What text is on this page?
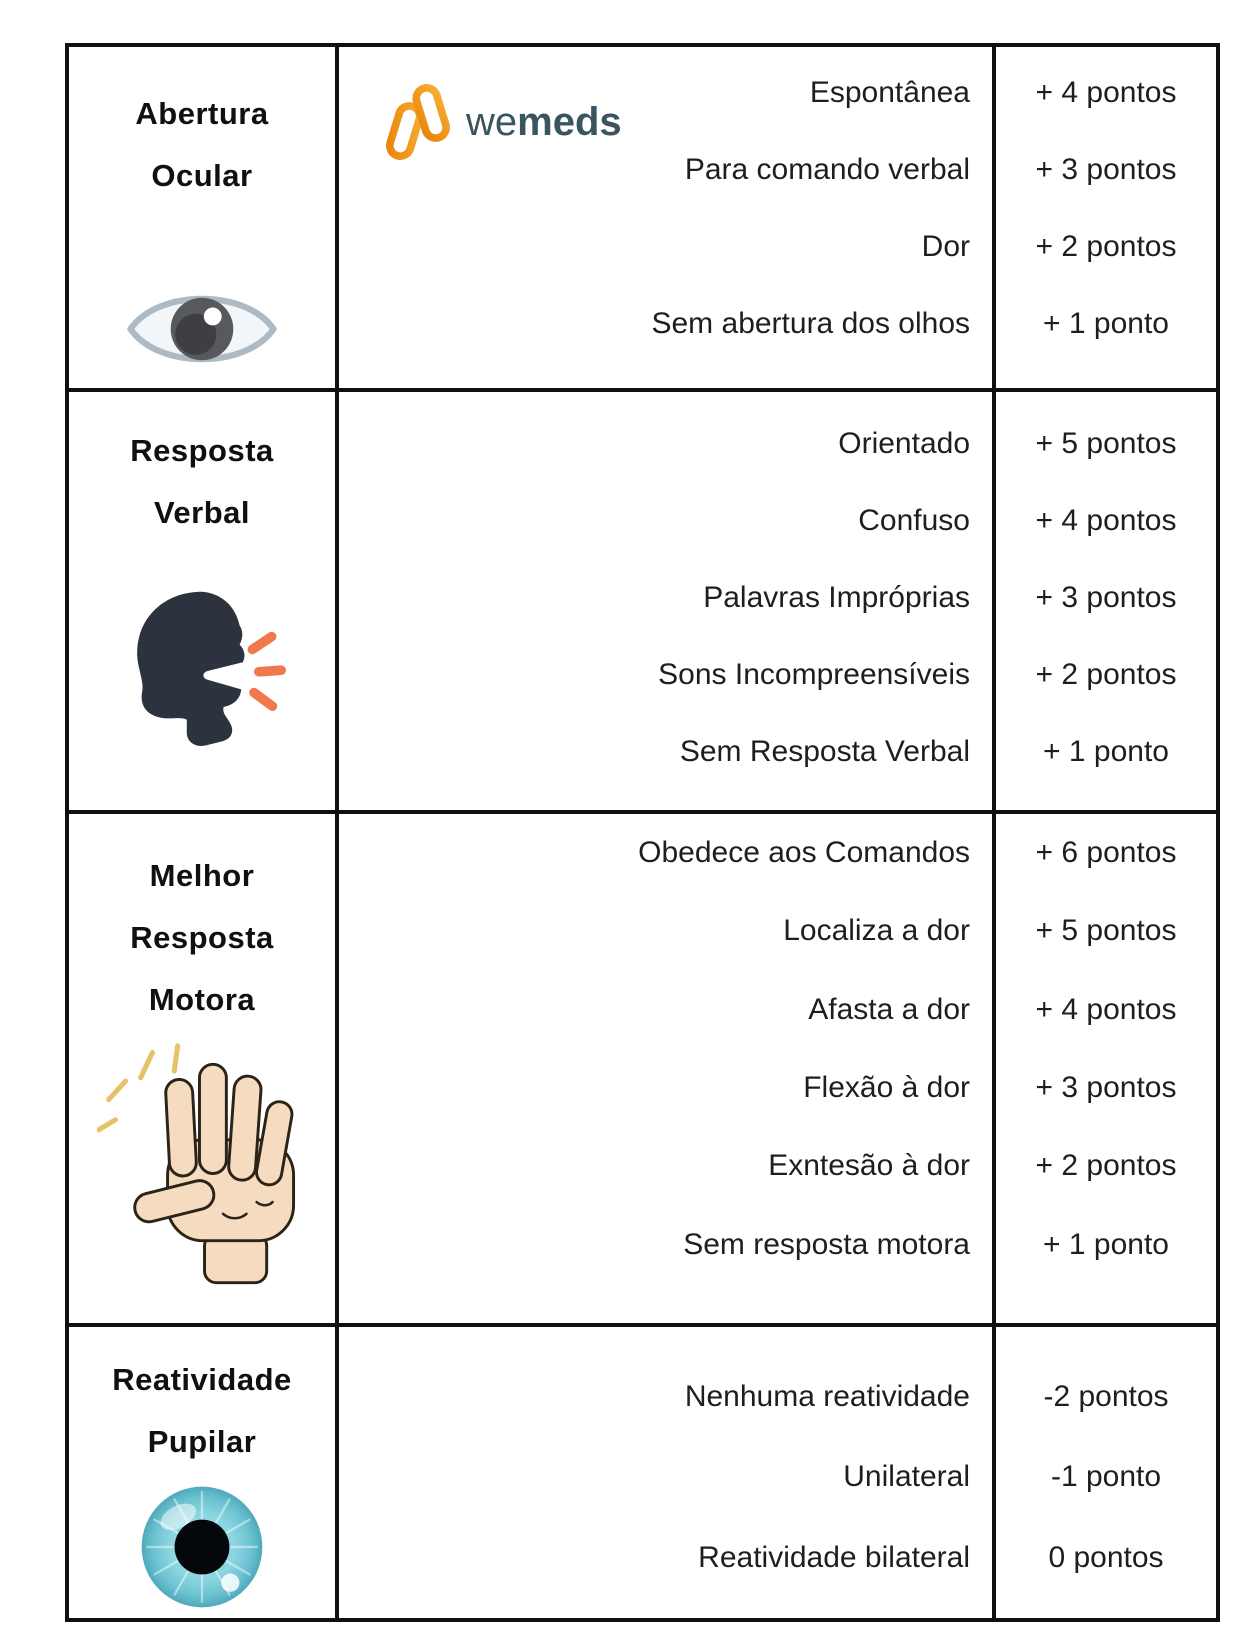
Abertura
Ocular
wemeds
Espontânea
Para comando verbal
Dor
Sem abertura dos olhos
+ 4 pontos
+ 3 pontos
+ 2 pontos
+ 1 ponto
Resposta
Verbal
Orientado
Confuso
Palavras Impróprias
Sons Incompreensíveis
Sem Resposta Verbal
+ 5 pontos
+ 4 pontos
+ 3 pontos
+ 2 pontos
+ 1 ponto
Melhor
Resposta
Motora
Obedece aos Comandos
Localiza a dor
Afasta a dor
Flexão à dor
Exntesão à dor
Sem resposta motora
+ 6 pontos
+ 5 pontos
+ 4 pontos
+ 3 pontos
+ 2 pontos
+ 1 ponto
Reatividade
Pupilar
Nenhuma reatividade
Unilateral
Reatividade bilateral
-2 pontos
-1 ponto
0 pontos
